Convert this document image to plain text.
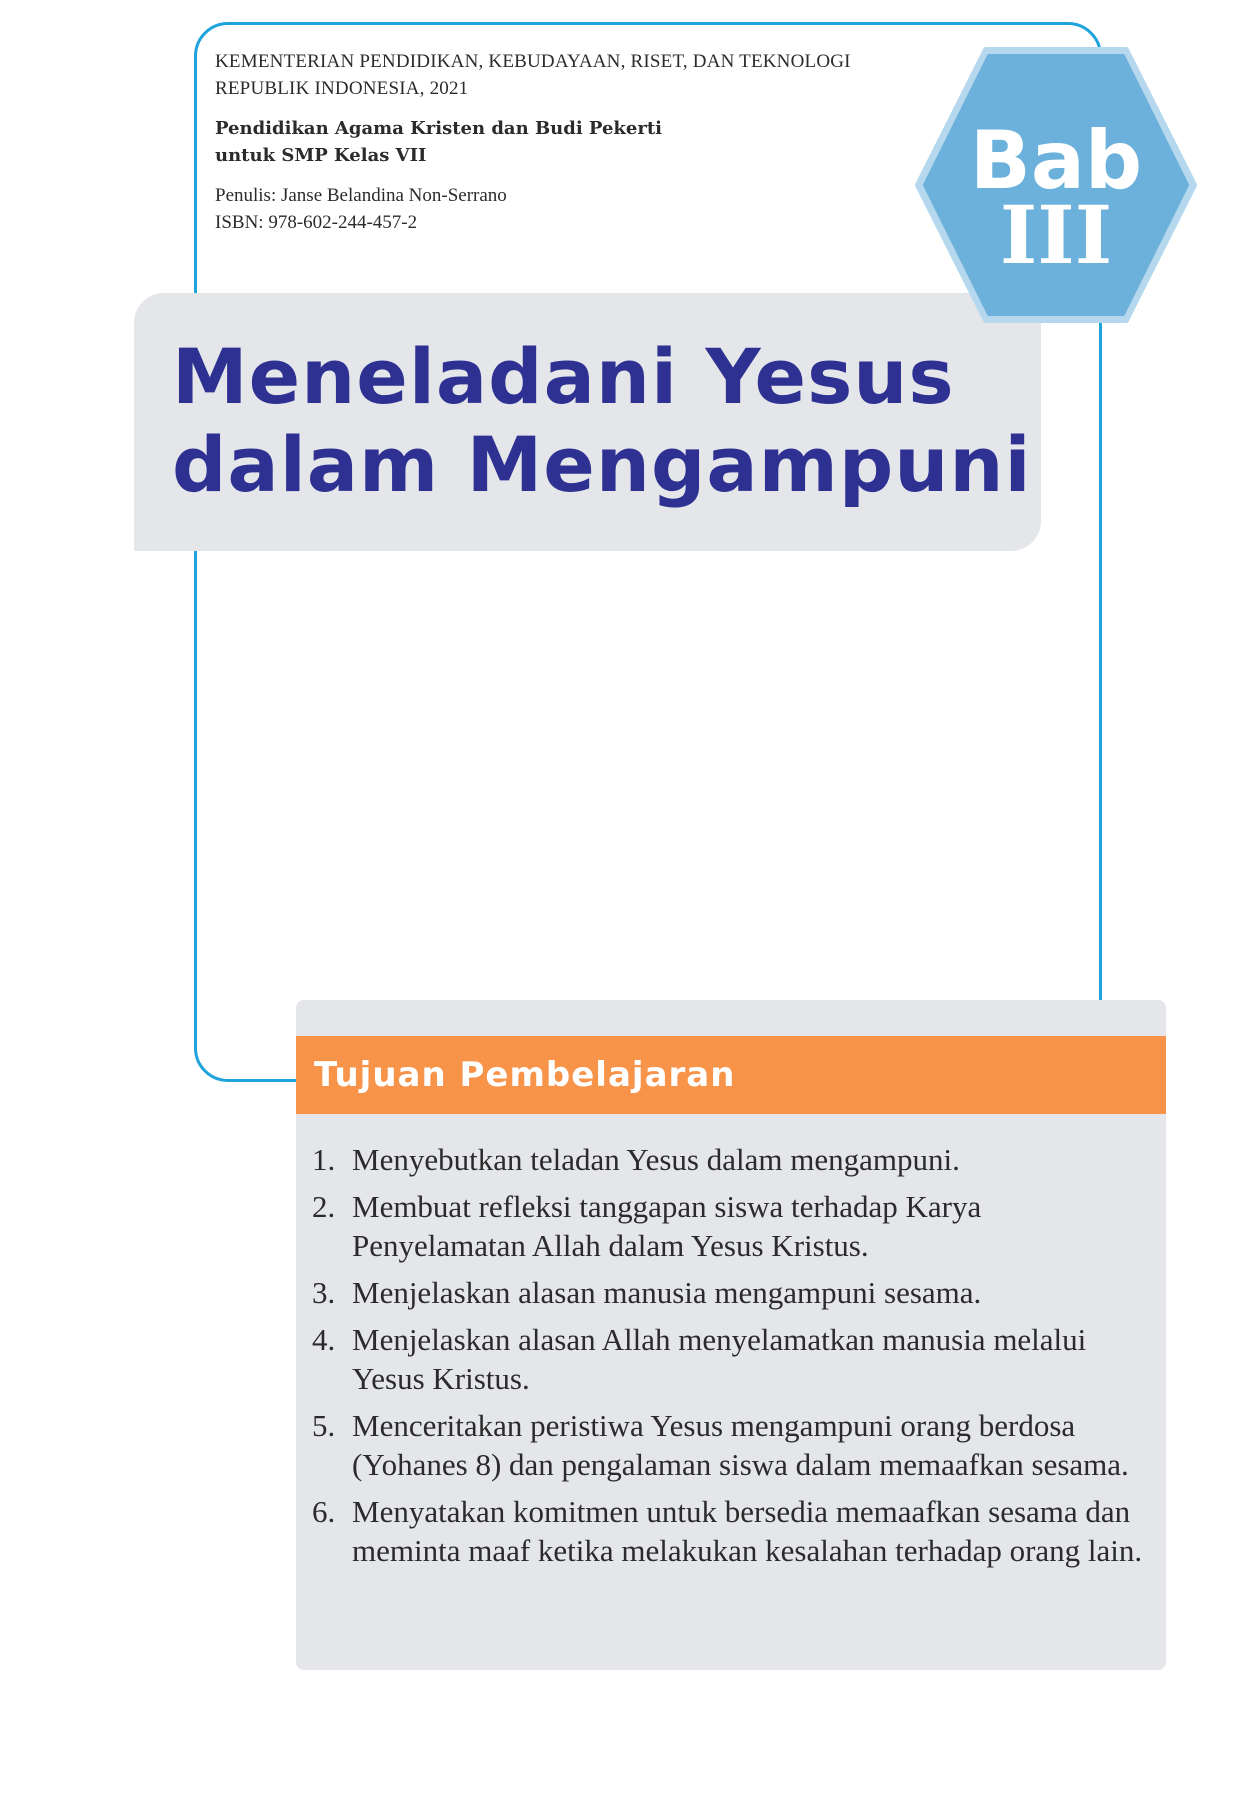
KEMENTERIAN PENDIDIKAN, KEBUDAYAAN, RISET, DAN TEKNOLOGI
REPUBLIK INDONESIA, 2021
Pendidikan Agama Kristen dan Budi Pekerti
untuk SMP Kelas VII
Penulis: Janse Belandina Non-Serrano
ISBN: 978-602-244-457-2
Meneladani Yesus
dalam Mengampuni
Bab
III
Tujuan Pembelajaran
1. Menyebutkan teladan Yesus dalam mengampuni.
2. Membuat refleksi tanggapan siswa terhadap Karya Penyelamatan Allah dalam Yesus Kristus.
3. Menjelaskan alasan manusia mengampuni sesama.
4. Menjelaskan alasan Allah menyelamatkan manusia melalui Yesus Kristus.
5. Menceritakan peristiwa Yesus mengampuni orang berdosa (Yohanes 8) dan pengalaman siswa dalam memaafkan sesama.
6. Menyatakan komitmen untuk bersedia memaafkan sesama dan meminta maaf ketika melakukan kesalahan terhadap orang lain.
